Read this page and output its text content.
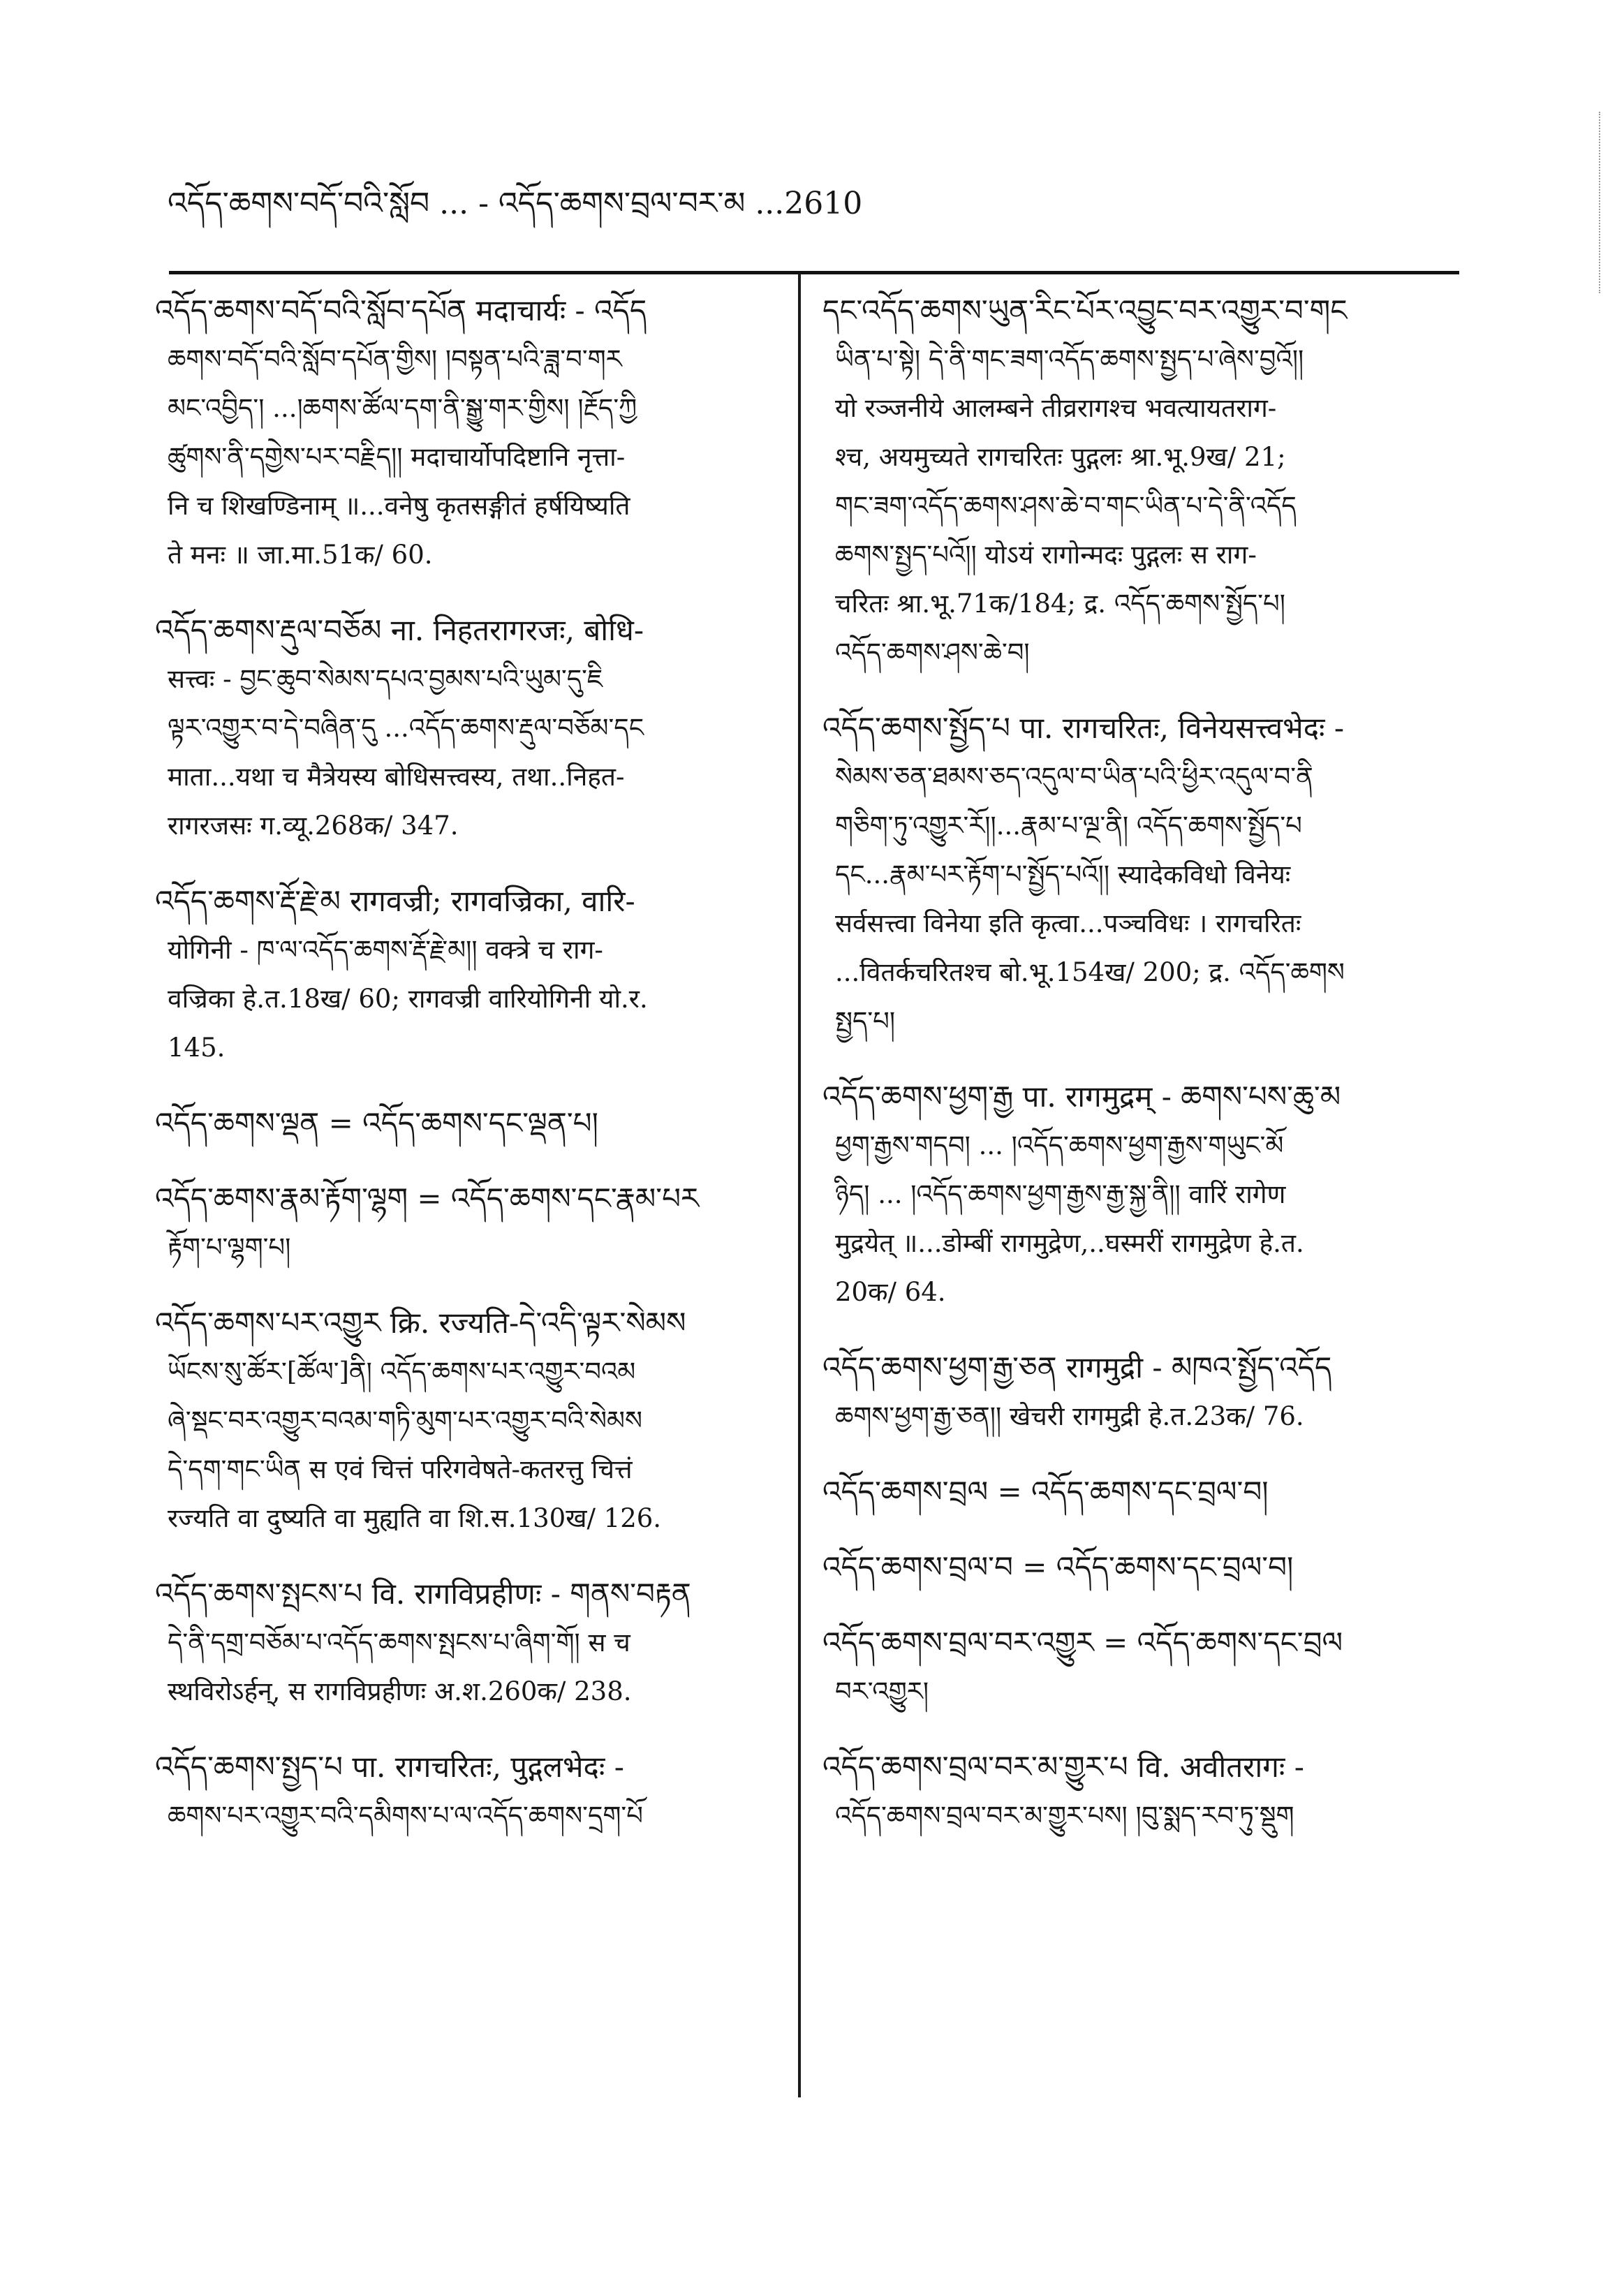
འདོད་ཆགས་བདོ་བའི་སློབ ... - འདོད་ཆགས་བྲལ་བར་མ ...2610
འདོད་ཆགས་བདོ་བའི་སློབ་དཔོན मदाचार्यः - འདོད
ཆགས་བདོ་བའི་སློབ་དཔོན་གྱིས། །བསྟན་པའི་ཟླ་བ་གར
མང་འབྱིད་། ...།ཆགས་ཚོལ་དག་ནི་སྒྱུ་གར་གྱིས། །རྔོད་ཀྱི
ཚུགས་ནི་དགྱེས་པར་བརྗིད།། मदाचार्योपदिष्टानि नृत्ता-
नि च शिखण्डिनाम् ॥...वनेषु कृतसङ्गीतं हर्षयिष्यति
ते मनः ॥ जा.मा.51क/ 60.
འདོད་ཆགས་རྡུལ་བཅོམ ना. निहतरागरजः, बोधि-
सत्त्वः - བྱང་ཆུབ་སེམས་དཔའ་བྱམས་པའི་ཡུམ་དུ་ཇི
ལྟར་འགྱུར་བ་དེ་བཞིན་དུ ...འདོད་ཆགས་རྡུལ་བཅོམ་དང
माता...यथा च मैत्रेयस्य बोधिसत्त्वस्य, तथा..निहत-
रागरजसः ग.व्यू.268क/ 347.
འདོད་ཆགས་རྡོ་རྗེ་མ रागवज्री; रागवज्रिका, वारि-
योगिनी - ཁ་ལ་འདོད་ཆགས་རྡོ་རྗེ་མ།། वक्त्रे च राग-
वज्रिका हे.त.18ख/ 60; रागवज्री वारियोगिनी यो.र.
145.
འདོད་ཆགས་ལྡན = འདོད་ཆགས་དང་ལྡན་པ།
འདོད་ཆགས་རྣམ་རྟོག་ལྷག = འདོད་ཆགས་དང་རྣམ་པར
རྟོག་པ་ལྷག་པ།
འདོད་ཆགས་པར་འགྱུར क्रि. रज्यति-དེ་འདི་ལྟར་སེམས
ཡོངས་སུ་ཚོར་[ཚོལ་]ནི། འདོད་ཆགས་པར་འགྱུར་བའམ
ཞེ་སྡང་བར་འགྱུར་བའམ་གཏི་མུག་པར་འགྱུར་བའི་སེམས
དེ་དག་གང་ཡིན स एवं चित्तं परिगवेषते-कतरत्तु चित्तं
रज्यति वा दुष्यति वा मुह्यति वा शि.स.130ख/ 126.
འདོད་ཆགས་སྤངས་པ वि. रागविप्रहीणः - གནས་བརྟན
དེ་ནི་དགྲ་བཅོམ་པ་འདོད་ཆགས་སྤངས་པ་ཞིག་གོ། स च
स्थविरोऽर्हन्, स रागविप्रहीणः अ.श.260क/ 238.
འདོད་ཆགས་སྤྱད་པ पा. रागचरितः, पुद्गलभेदः -
ཆགས་པར་འགྱུར་བའི་དམིགས་པ་ལ་འདོད་ཆགས་དྲག་པོ
དང་འདོད་ཆགས་ཡུན་རིང་པོར་འབྱུང་བར་འགྱུར་བ་གང
ཡིན་པ་སྟེ། དེ་ནི་གང་ཟག་འདོད་ཆགས་སྤྱད་པ་ཞེས་བྱའོ།།
यो रञ्जनीये आलम्बने तीव्ररागश्च भवत्यायतराग-
श्च, अयमुच्यते रागचरितः पुद्गलः श्रा.भू.9ख/ 21;
གང་ཟག་འདོད་ཆགས་ཤས་ཆེ་བ་གང་ཡིན་པ་དེ་ནི་འདོད
ཆགས་སྤྱད་པའོ།། योऽयं रागोन्मदः पुद्गलः स राग-
चरितः श्रा.भू.71क/184; द्र. འདོད་ཆགས་སྤྱོད་པ།
འདོད་ཆགས་ཤས་ཆེ་བ།
འདོད་ཆགས་སྤྱོད་པ पा. रागचरितः, विनेयसत्त्वभेदः -
སེམས་ཅན་ཐམས་ཅད་འདུལ་བ་ཡིན་པའི་ཕྱིར་འདུལ་བ་ནི
གཅིག་ཏུ་འགྱུར་རོ།།...རྣམ་པ་ལྔ་ནི། འདོད་ཆགས་སྤྱོད་པ
དང...རྣམ་པར་རྟོག་པ་སྤྱོད་པའོ།། स्यादेकविधो विनेयः
सर्वसत्त्वा विनेया इति कृत्वा...पञ्चविधः । रागचरितः
...वितर्कचरितश्च बो.भू.154ख/ 200; द्र. འདོད་ཆགས
སྤྱད་པ།
འདོད་ཆགས་ཕྱག་རྒྱ पा. रागमुद्रम् - ཆགས་པས་ཆུ་མ
ཕྱག་རྒྱས་གདབ། ... །འདོད་ཆགས་ཕྱག་རྒྱས་གཡུང་མོ
ཉིད། ... །འདོད་ཆགས་ཕྱག་རྒྱས་རྒྱ་སྐྱ་ནི།། वारिं रागेण
मुद्रयेत् ॥...डोम्बीं रागमुद्रेण,..घस्मरीं रागमुद्रेण हे.त.
20क/ 64.
འདོད་ཆགས་ཕྱག་རྒྱ་ཅན रागमुद्री - མཁའ་སྤྱོད་འདོད
ཆགས་ཕྱག་རྒྱ་ཅན།། खेचरी रागमुद्री हे.त.23क/ 76.
འདོད་ཆགས་བྲལ = འདོད་ཆགས་དང་བྲལ་བ།
འདོད་ཆགས་བྲལ་བ = འདོད་ཆགས་དང་བྲལ་བ།
འདོད་ཆགས་བྲལ་བར་འགྱུར = འདོད་ཆགས་དང་བྲལ
བར་འགྱུར།
འདོད་ཆགས་བྲལ་བར་མ་གྱུར་པ वि. अवीतरागः -
འདོད་ཆགས་བྲལ་བར་མ་གྱུར་པས། །བུ་སྨད་རབ་ཏུ་སྡུག
